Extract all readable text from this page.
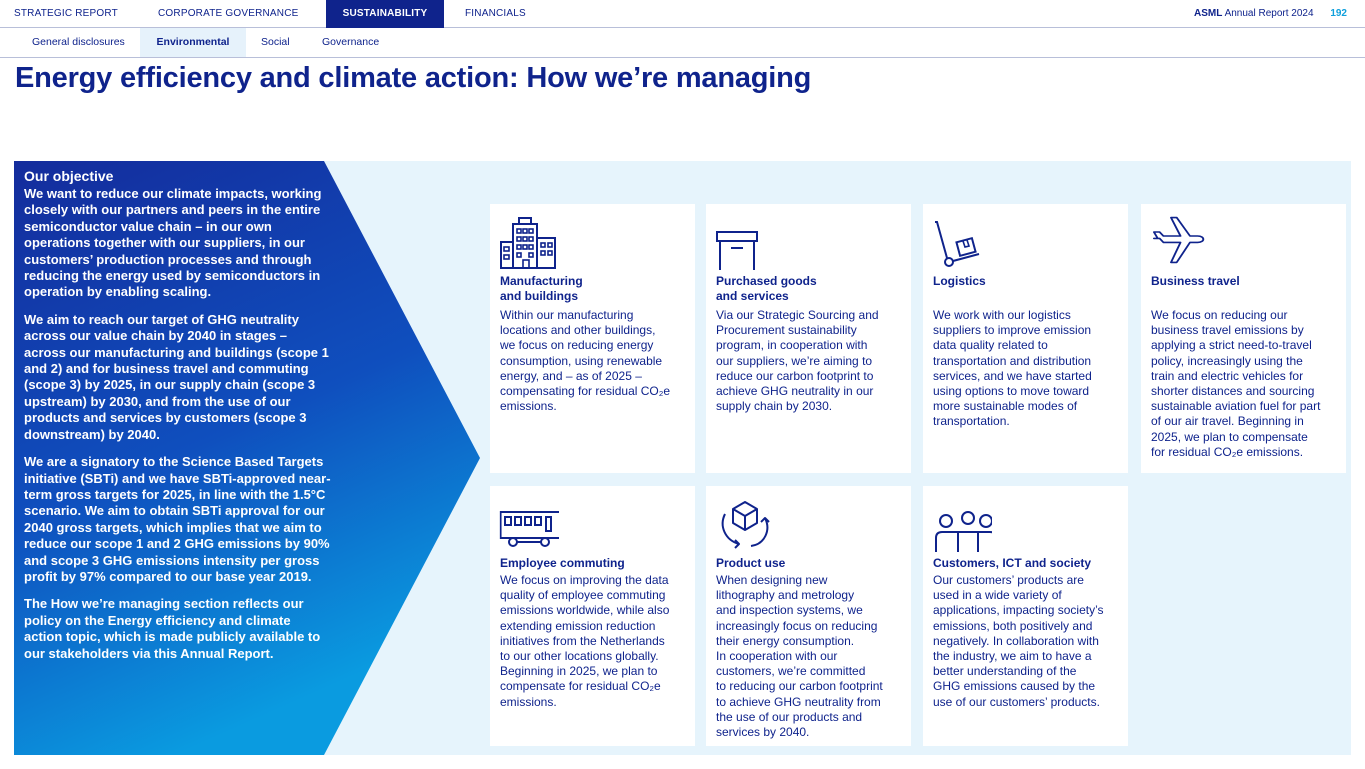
STRATEGIC REPORT	CORPORATE GOVERNANCE	SUSTAINABILITY	FINANCIALS	ASML Annual Report 2024 192
General disclosures	Environmental	Social	Governance
Energy efficiency and climate action: How we’re managing
Our objective

We want to reduce our climate impacts, working closely with our partners and peers in the entire semiconductor value chain – in our own operations together with our suppliers, in our customers’ production processes and through reducing the energy used by semiconductors in operation by enabling scaling.

We aim to reach our target of GHG neutrality across our value chain by 2040 in stages – across our manufacturing and buildings (scope 1 and 2) and for business travel and commuting (scope 3) by 2025, in our supply chain (scope 3 upstream) by 2030, and from the use of our products and services by customers (scope 3 downstream) by 2040.

We are a signatory to the Science Based Targets initiative (SBTi) and we have SBTi-approved near-term gross targets for 2025, in line with the 1.5°C scenario. We aim to obtain SBTi approval for our 2040 gross targets, which implies that we aim to reduce our scope 1 and 2 GHG emissions by 90% and scope 3 GHG emissions intensity per gross profit by 97% compared to our base year 2019.

The How we’re managing section reflects our policy on the Energy efficiency and climate action topic, which is made publicly available to our stakeholders via this Annual Report.

Manufacturing
and buildings
Within our manufacturing
locations and other buildings,
we focus on reducing energy
consumption, using renewable
energy, and – as of 2025 –
compensating for residual CO₂e
emissions.
Purchased goods
and services
Via our Strategic Sourcing and
Procurement sustainability
program, in cooperation with
our suppliers, we’re aiming to
reduce our carbon footprint to
achieve GHG neutrality in our
supply chain by 2030.
Logistics
We work with our logistics
suppliers to improve emission
data quality related to
transportation and distribution
services, and we have started
using options to move toward
more sustainable modes of
transportation.
Business travel
We focus on reducing our
business travel emissions by
applying a strict need-to-travel
policy, increasingly using the
train and electric vehicles for
shorter distances and sourcing
sustainable aviation fuel for part
of our air travel. Beginning in
2025, we plan to compensate
for residual CO₂e emissions.
Employee commuting
We focus on improving the data
quality of employee commuting
emissions worldwide, while also
extending emission reduction
initiatives from the Netherlands
to our other locations globally.
Beginning in 2025, we plan to
compensate for residual CO₂e
emissions.
Product use
When designing new
lithography and metrology
and inspection systems, we
increasingly focus on reducing
their energy consumption.
In cooperation with our
customers, we’re committed
to reducing our carbon footprint
to achieve GHG neutrality from
the use of our products and
services by 2040.
Customers, ICT and society
Our customers’ products are
used in a wide variety of
applications, impacting society’s
emissions, both positively and
negatively. In collaboration with
the industry, we aim to have a
better understanding of the
GHG emissions caused by the
use of our customers’ products.
